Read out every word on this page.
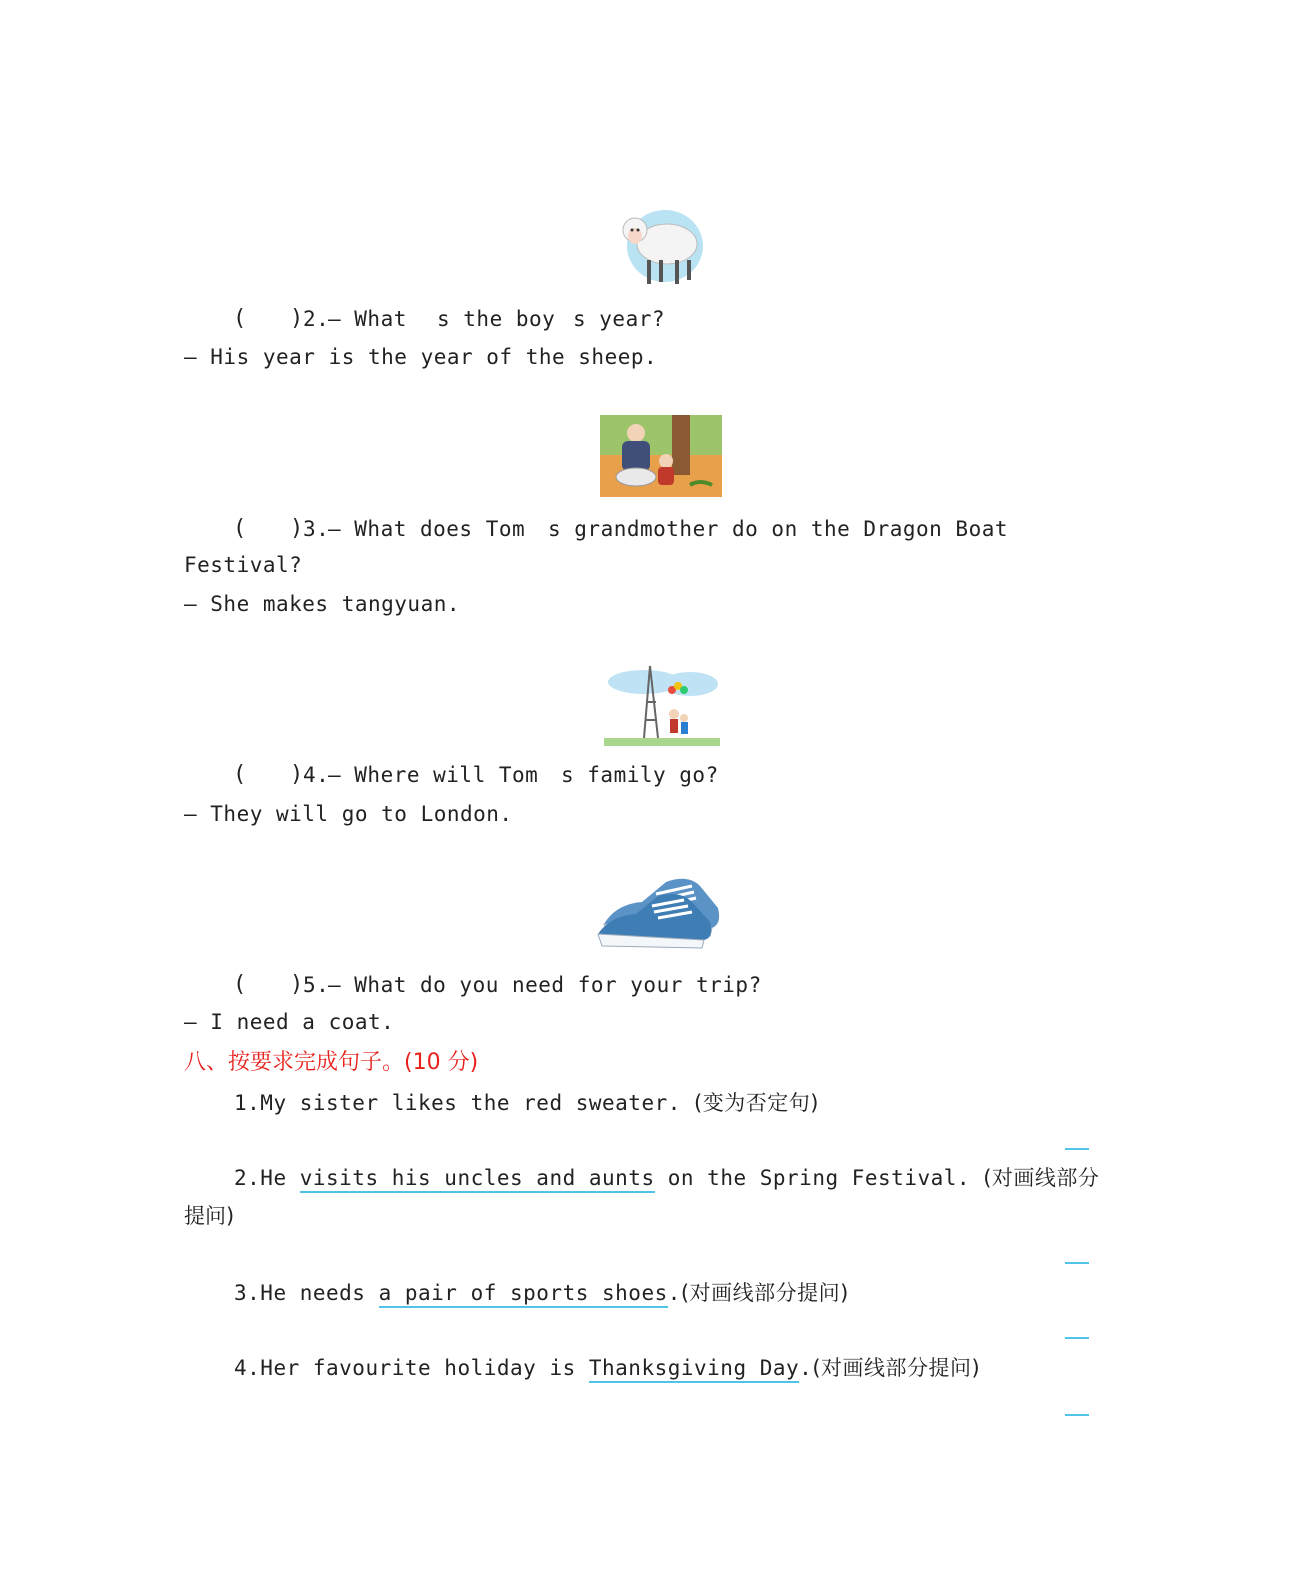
( ) 2.
— What s the boy s year?
— His year is the year of the sheep.
( ) 3.
— What does Tom s grandmother do on the Dragon Boat
Festival?
— She makes tangyuan.
( ) 4.
— Where will Tom s family go?
— They will go to London.
( ) 5.
— What do you need for your trip?
— I need a coat.
八、按要求完成句子。(10 分)
1.My sister likes the red sweater. (变为否定句)
2.He visits his uncles and aunts on the Spring Festival. (对画线部分
提问)
3.He needs a pair of sports shoes.(对画线部分提问)
4.Her favourite holiday is Thanksgiving Day.(对画线部分提问)
